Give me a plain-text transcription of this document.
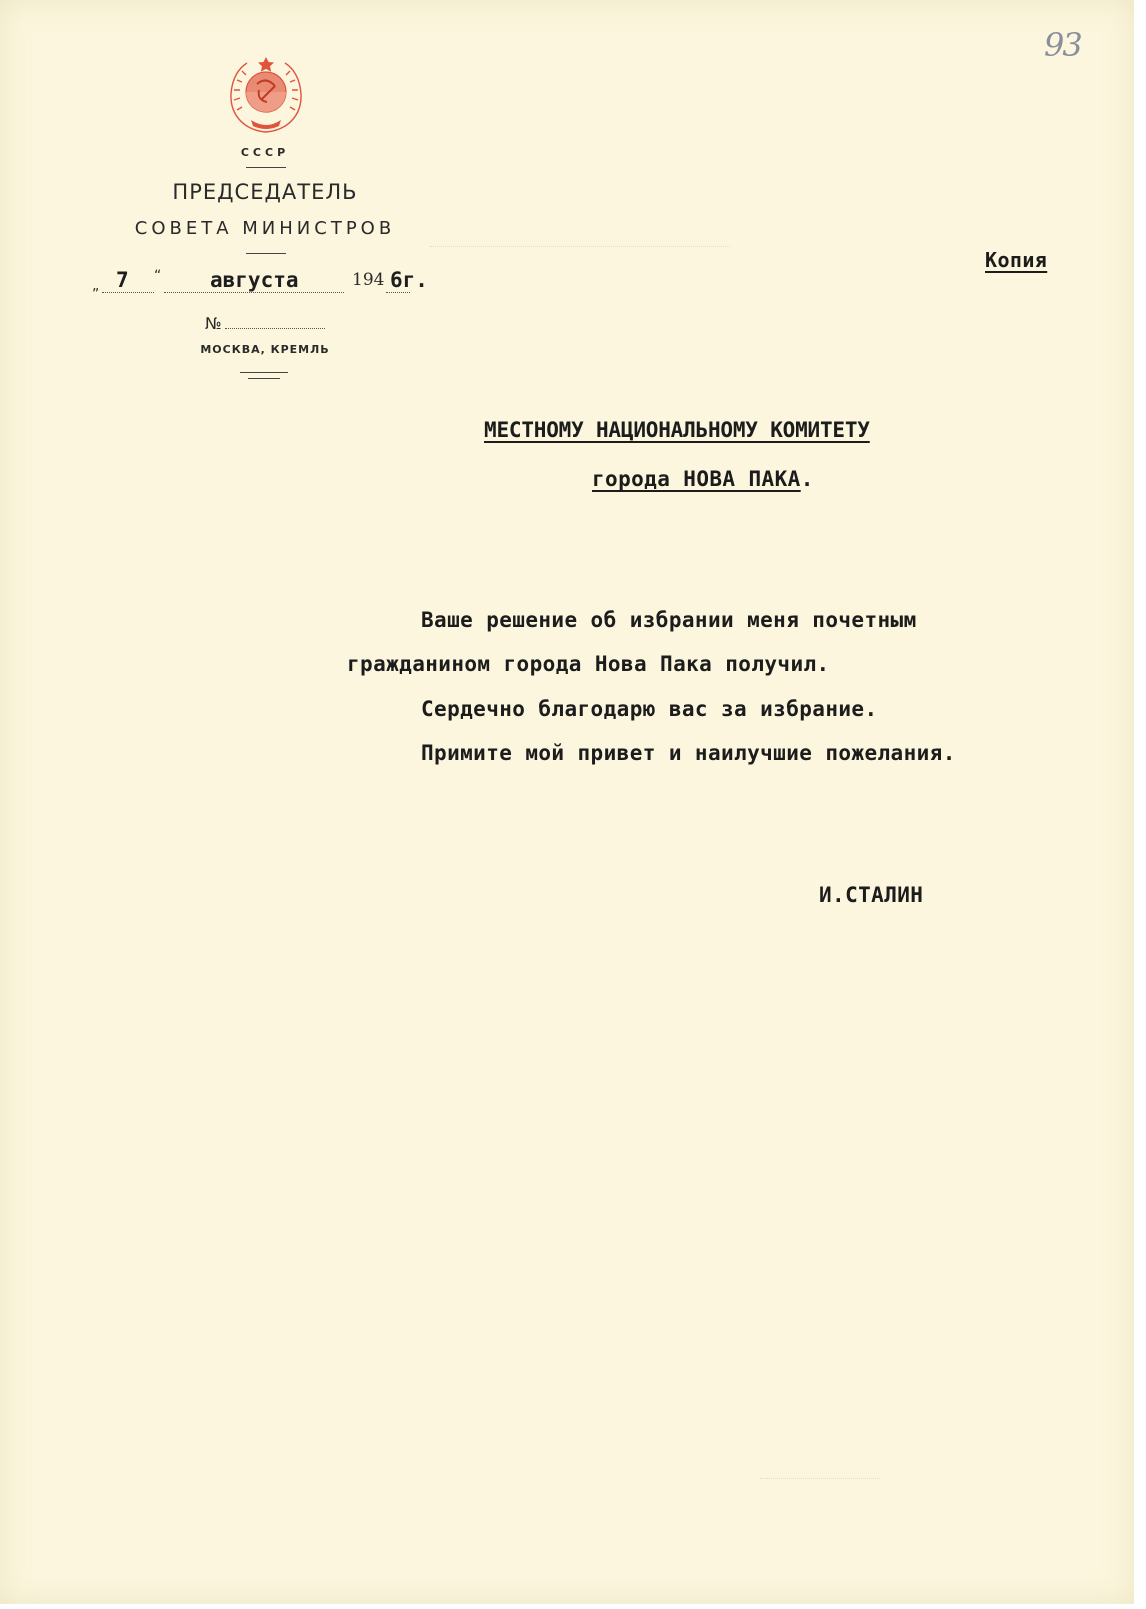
СССР
ПРЕДСЕДАТЕЛЬ
СОВЕТА МИНИСТРОВ
„ 7 “ августа	194 6г.
№
МОСКВА, КРЕМЛЬ
93
Копия
МЕСТНОМУ НАЦИОНАЛЬНОМУ КОМИТЕТУ
города НОВА ПАКА.
Ваше решение об избрании меня почетным
гражданином города Нова Пака получил.
Сердечно благодарю вас за избрание.
Примите мой привет и наилучшие пожелания.
И.СТАЛИН
